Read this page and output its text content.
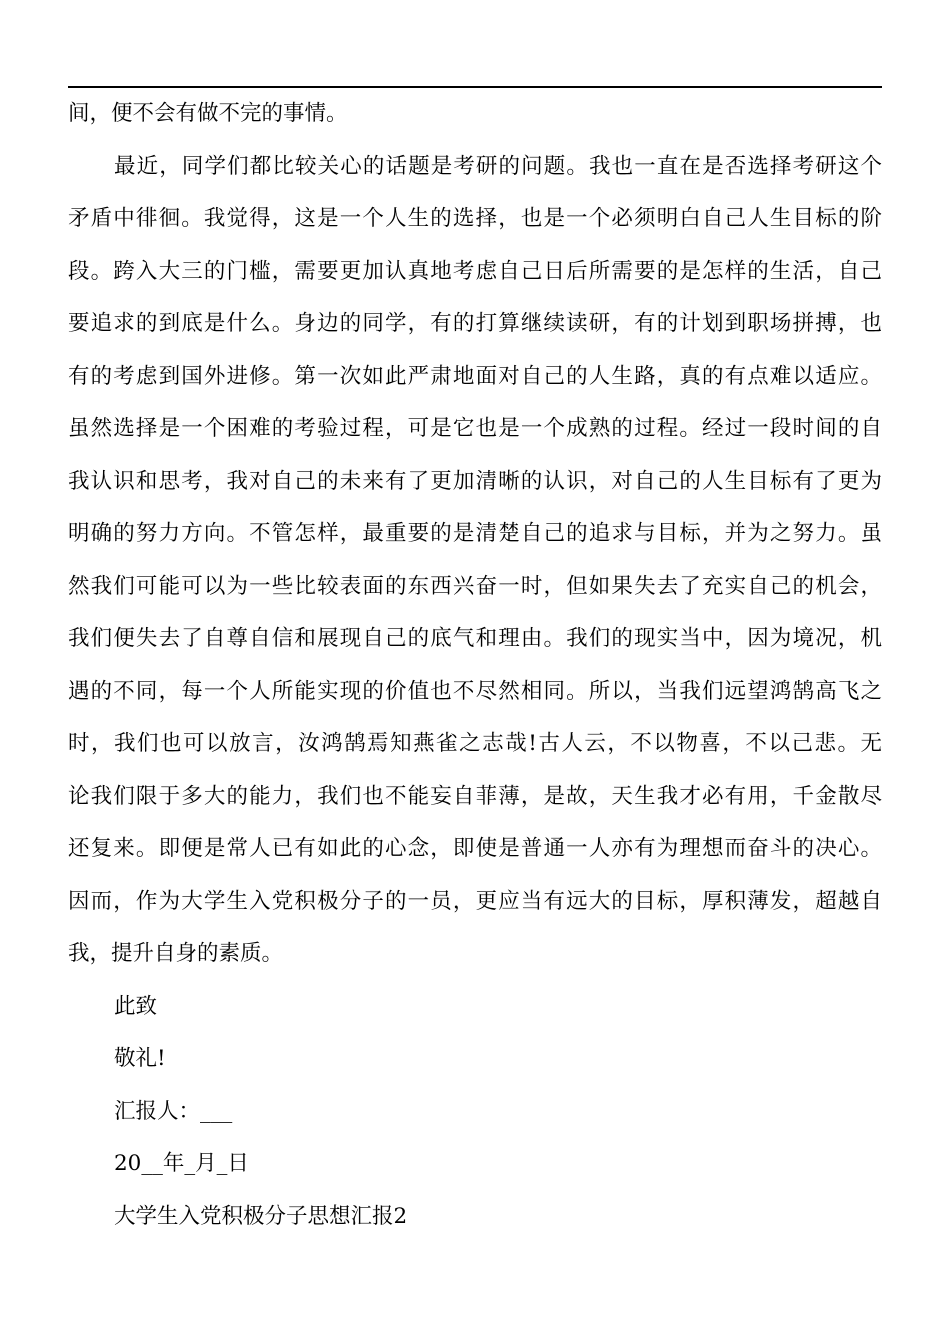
间，便不会有做不完的事情。
最近，同学们都比较关心的话题是考研的问题。我也一直在是否选择考研这个
矛盾中徘徊。我觉得，这是一个人生的选择，也是一个必须明白自己人生目标的阶
段。跨入大三的门槛，需要更加认真地考虑自己日后所需要的是怎样的生活，自己
要追求的到底是什么。身边的同学，有的打算继续读研，有的计划到职场拼搏，也
有的考虑到国外进修。第一次如此严肃地面对自己的人生路，真的有点难以适应。
虽然选择是一个困难的考验过程，可是它也是一个成熟的过程。经过一段时间的自
我认识和思考，我对自己的未来有了更加清晰的认识，对自己的人生目标有了更为
明确的努力方向。不管怎样，最重要的是清楚自己的追求与目标，并为之努力。虽
然我们可能可以为一些比较表面的东西兴奋一时，但如果失去了充实自己的机会，
我们便失去了自尊自信和展现自己的底气和理由。我们的现实当中，因为境况，机
遇的不同，每一个人所能实现的价值也不尽然相同。所以，当我们远望鸿鹄高飞之
时，我们也可以放言，汝鸿鹄焉知燕雀之志哉!古人云，不以物喜，不以己悲。无
论我们限于多大的能力，我们也不能妄自菲薄，是故，天生我才必有用，千金散尽
还复来。即便是常人已有如此的心念，即使是普通一人亦有为理想而奋斗的决心。
因而，作为大学生入党积极分子的一员，更应当有远大的目标，厚积薄发，超越自
我，提升自身的素质。
此致
敬礼!
汇报人：___
20__年_月_日
大学生入党积极分子思想汇报2
